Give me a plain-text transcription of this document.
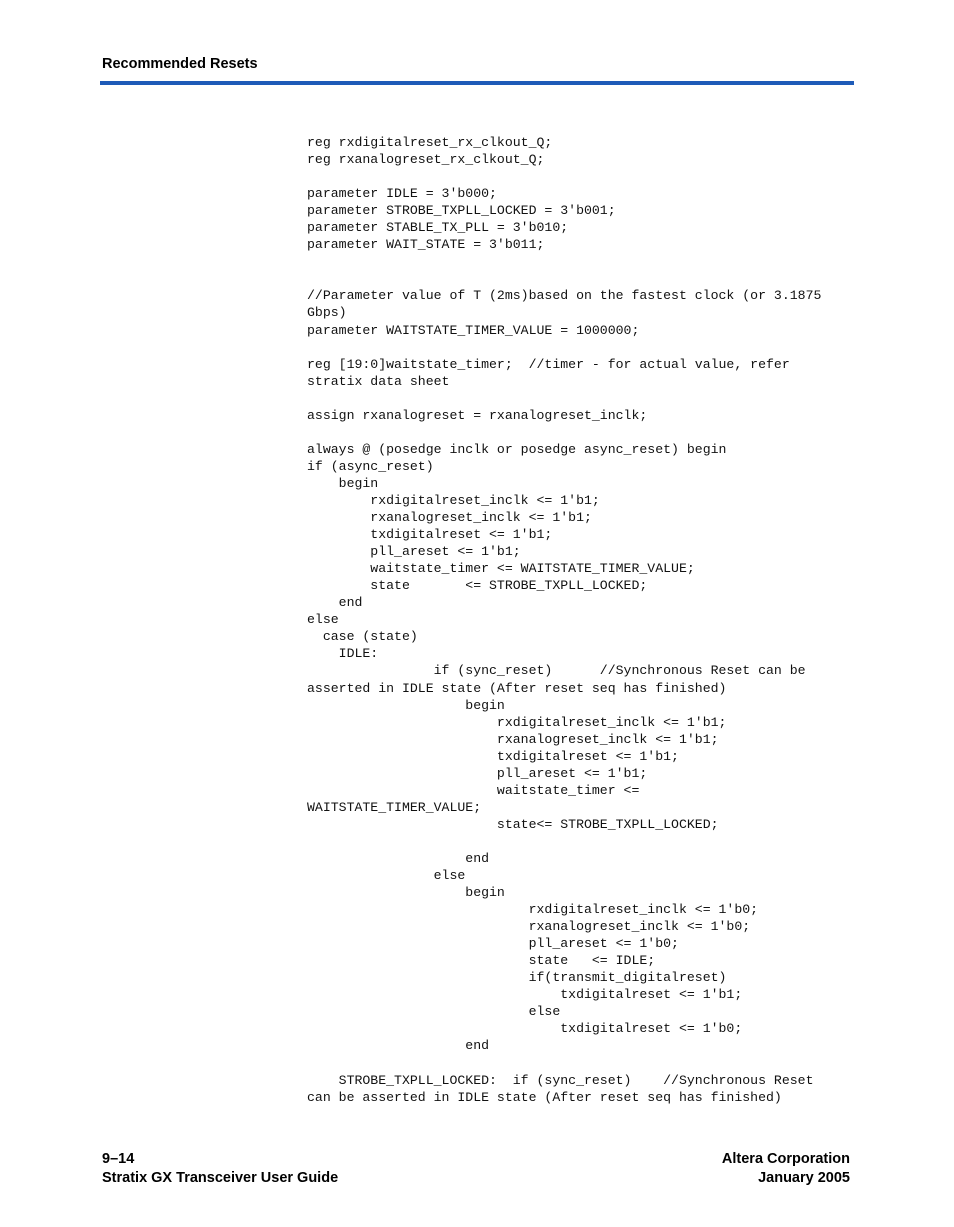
Recommended Resets
reg rxdigitalreset_rx_clkout_Q;
reg rxanalogreset_rx_clkout_Q;

parameter IDLE = 3'b000;
parameter STROBE_TXPLL_LOCKED = 3'b001;
parameter STABLE_TX_PLL = 3'b010;
parameter WAIT_STATE = 3'b011;

//Parameter value of T (2ms)based on the fastest clock (or 3.1875
Gbps)
parameter WAITSTATE_TIMER_VALUE = 1000000;

reg [19:0]waitstate_timer;  //timer - for actual value, refer
stratix data sheet

assign rxanalogreset = rxanalogreset_inclk;

always @ (posedge inclk or posedge async_reset) begin
if (async_reset)
begin
rxdigitalreset_inclk <= 1'b1;
rxanalogreset_inclk <= 1'b1;
txdigitalreset <= 1'b1;
pll_areset <= 1'b1;
waitstate_timer <= WAITSTATE_TIMER_VALUE;
state       <= STROBE_TXPLL_LOCKED;
end
else
case (state)
IDLE:
if (sync_reset)      //Synchronous Reset can be
asserted in IDLE state (After reset seq has finished)
begin
rxdigitalreset_inclk <= 1'b1;
rxanalogreset_inclk <= 1'b1;
txdigitalreset <= 1'b1;
pll_areset <= 1'b1;
waitstate_timer <=
WAITSTATE_TIMER_VALUE;
state<= STROBE_TXPLL_LOCKED;

end
else
begin
rxdigitalreset_inclk <= 1'b0;
rxanalogreset_inclk <= 1'b0;
pll_areset <= 1'b0;
state   <= IDLE;
if(transmit_digitalreset)
txdigitalreset <= 1'b1;
else
txdigitalreset <= 1'b0;
end

STROBE_TXPLL_LOCKED:  if (sync_reset)    //Synchronous Reset
can be asserted in IDLE state (After reset seq has finished)
9–14
Stratix GX Transceiver User Guide
Altera Corporation
January 2005
